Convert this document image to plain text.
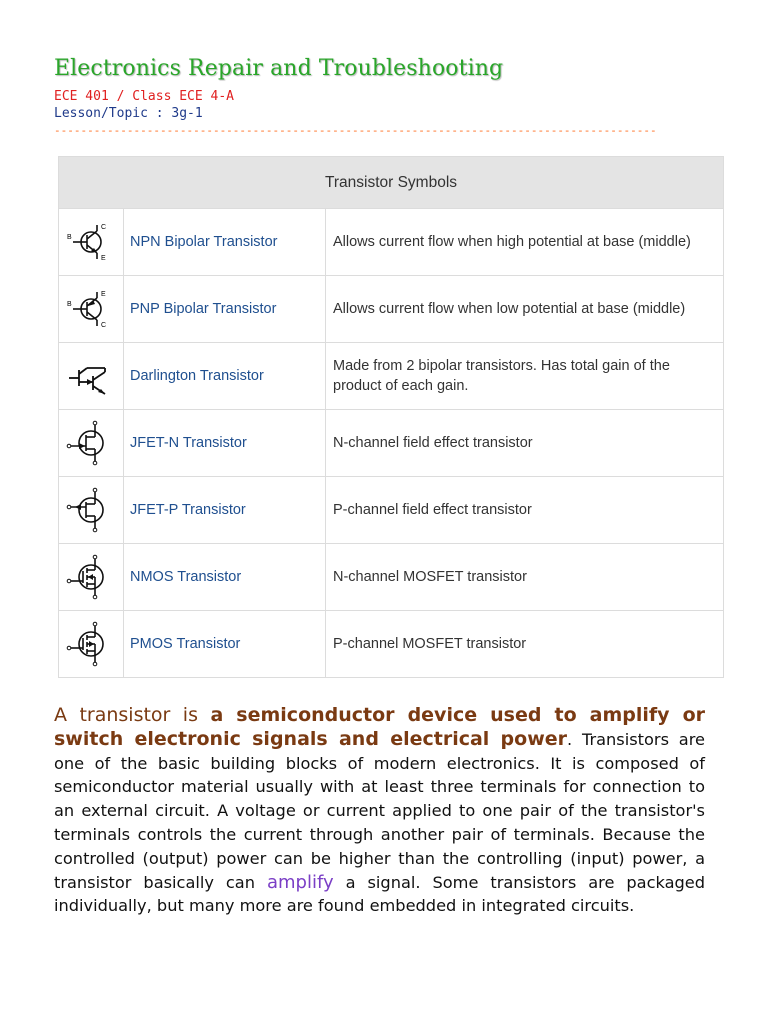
Electronics Repair and Troubleshooting
ECE 401 / Class ECE 4-A
Lesson/Topic : 3g-1
-------------------------------------------------------------------------------------------
Transistor Symbols		

B
C
E	NPN Bipolar Transistor	Allows current flow when high potential at base (middle)

B
E
C	PNP Bipolar Transistor	Allows current flow when low potential at base (middle)

	Darlington Transistor	Made from 2 bipolar transistors. Has total gain of the product of each gain.

	JFET-N Transistor	N-channel field effect transistor

	JFET-P Transistor	P-channel field effect transistor

	NMOS Transistor	N-channel MOSFET transistor

	PMOS Transistor	P-channel MOSFET transistor
A transistor is a semiconductor device used to amplify or switch electronic signals and electrical power. Transistors are one of the basic building blocks of modern electronics. It is composed of semiconductor material usually with at least three terminals for connection to an external circuit. A voltage or current applied to one pair of the transistor's terminals controls the current through another pair of terminals. Because the controlled (output) power can be higher than the controlling (input) power, a transistor basically can amplify a signal. Some transistors are packaged individually, but many more are found embedded in integrated circuits.
